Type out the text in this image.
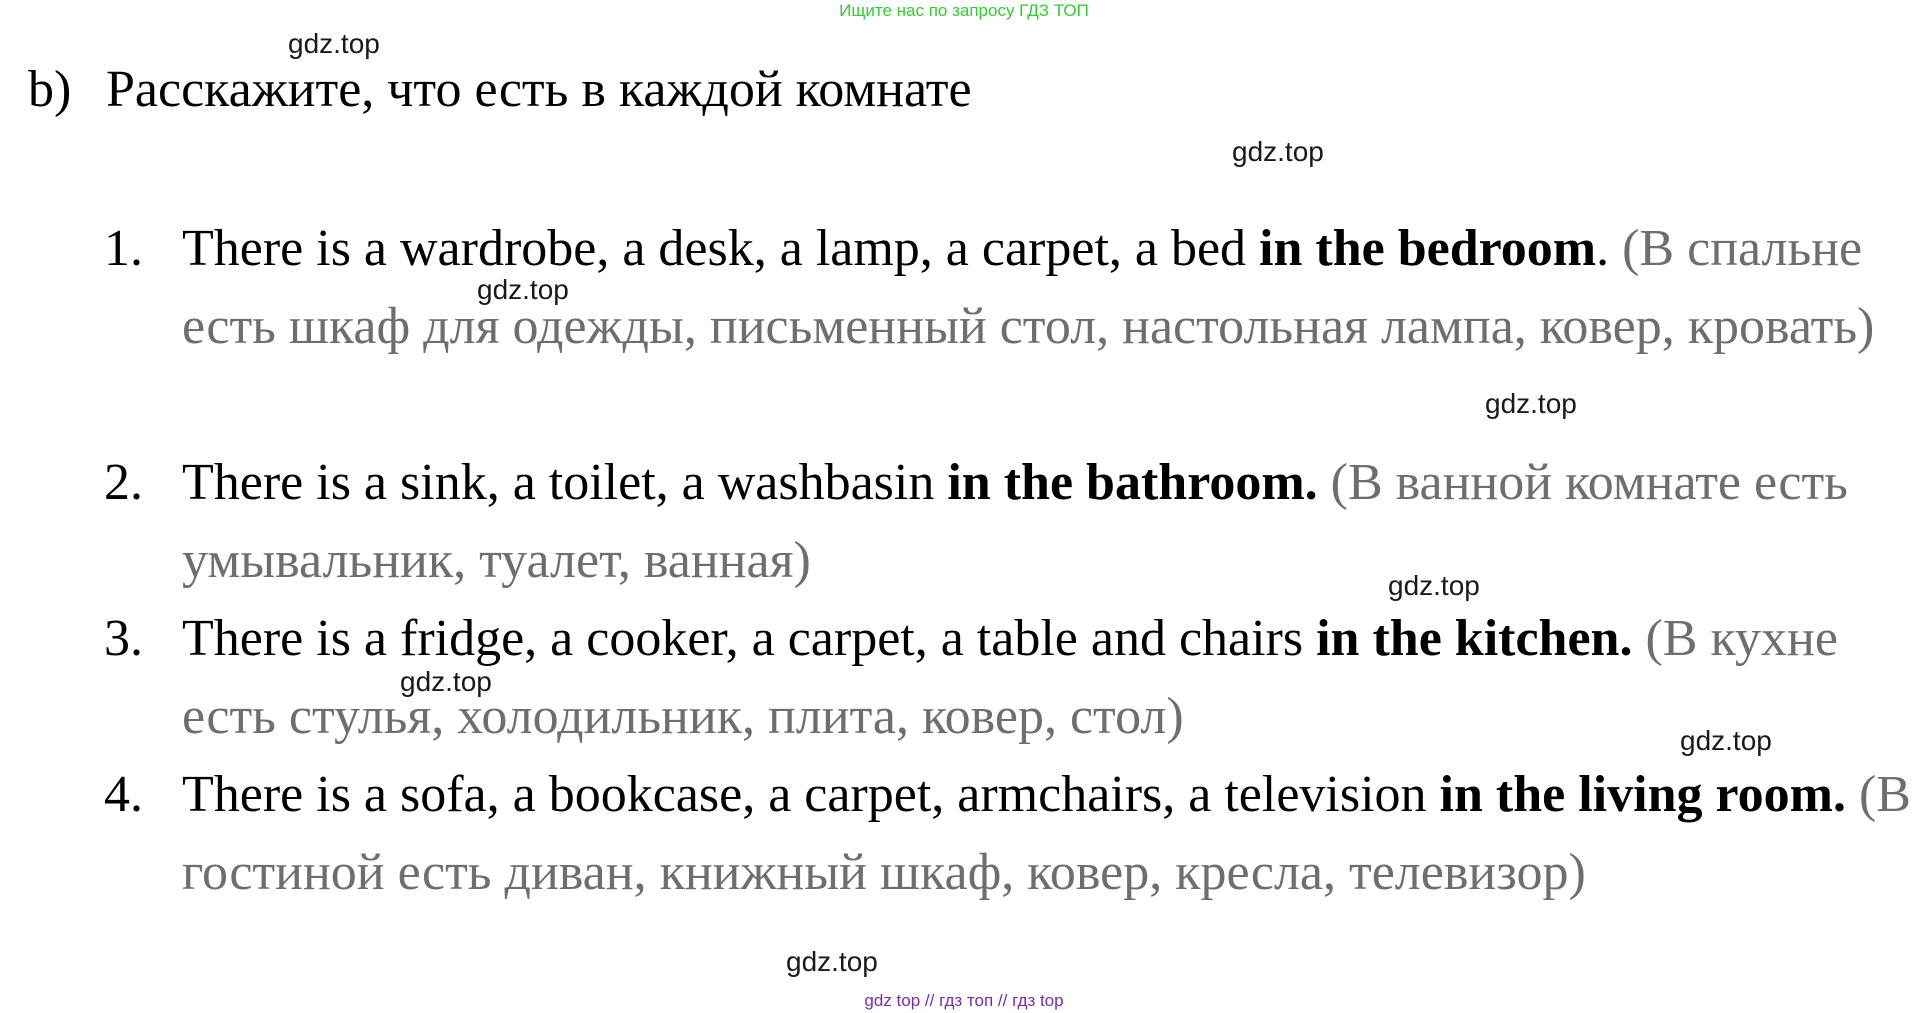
Ищите нас по запросу ГДЗ ТОП
gdz.top
gdz.top
gdz.top
gdz.top
gdz.top
gdz.top
gdz.top
gdz.top
b) Расскажите, что есть в каждой комнате
1. There is a wardrobe, a desk, a lamp, a carpet, a bed in the bedroom. (В спальне есть шкаф для одежды, письменный стол, настольная лампа, ковер, кровать)
2. There is a sink, a toilet, a washbasin in the bathroom. (В ванной комнате есть умывальник, туалет, ванная)
3. There is a fridge, a cooker, a carpet, a table and chairs in the kitchen. (В кухне есть стулья, холодильник, плита, ковер, стол)
4. There is a sofa, a bookcase, a carpet, armchairs, a television in the living room. (В гостиной есть диван, книжный шкаф, ковер, кресла, телевизор)
gdz top // гдз топ // гдз top
